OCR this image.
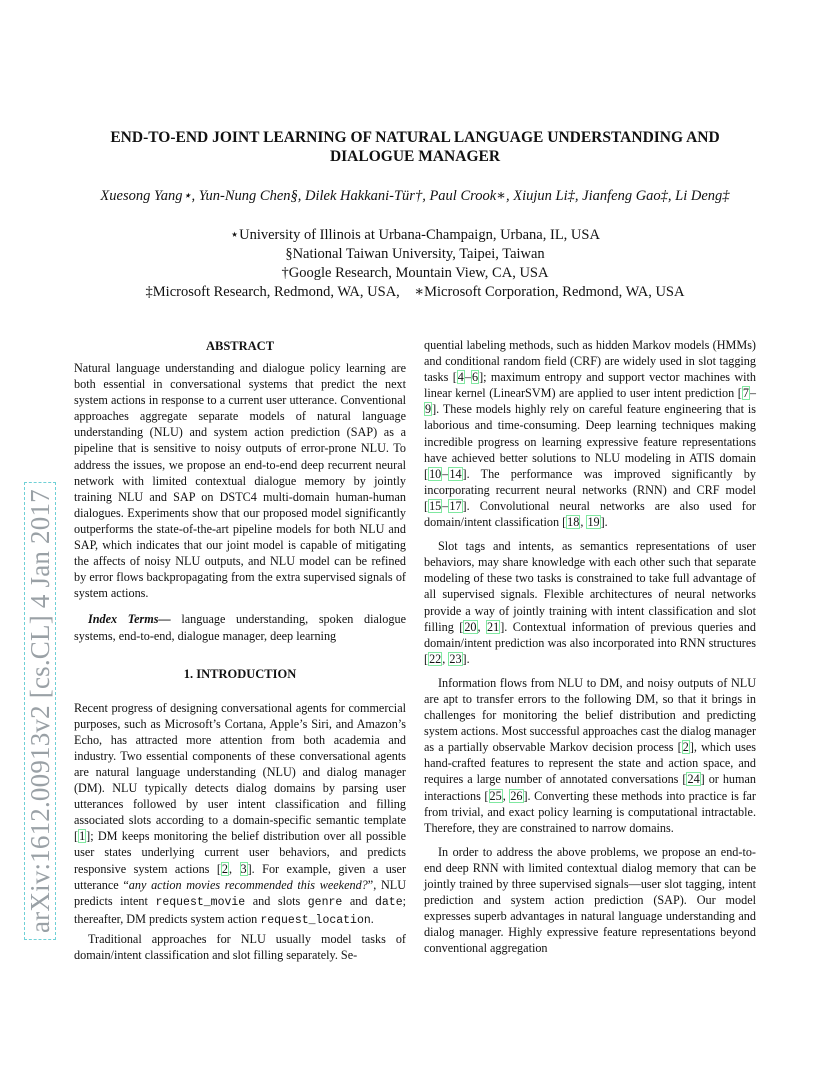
arXiv:1612.00913v2 [cs.CL] 4 Jan 2017
END-TO-END JOINT LEARNING OF NATURAL LANGUAGE UNDERSTANDING AND
DIALOGUE MANAGER
Xuesong Yang⋆, Yun-Nung Chen§, Dilek Hakkani-Tür†, Paul Crook∗, Xiujun Li‡, Jianfeng Gao‡, Li Deng‡
⋆University of Illinois at Urbana-Champaign, Urbana, IL, USA
§National Taiwan University, Taipei, Taiwan
†Google Research, Mountain View, CA, USA
‡Microsoft Research, Redmond, WA, USA,    ∗Microsoft Corporation, Redmond, WA, USA
ABSTRACT

Natural language understanding and dialogue policy learning are both essential in conversational systems that predict the next system actions in response to a current user utterance. Conventional approaches aggregate separate models of natural language understanding (NLU) and system action prediction (SAP) as a pipeline that is sensitive to noisy outputs of error-prone NLU. To address the issues, we propose an end-to-end deep recurrent neural network with limited contextual dialogue memory by jointly training NLU and SAP on DSTC4 multi-domain human-human dialogues. Experiments show that our proposed model significantly outperforms the state-of-the-art pipeline models for both NLU and SAP, which indicates that our joint model is capable of mitigating the affects of noisy NLU outputs, and NLU model can be refined by error flows backpropagating from the extra supervised signals of system actions.

Index Terms— language understanding, spoken dialogue systems, end-to-end, dialogue manager, deep learning

1. INTRODUCTION

Recent progress of designing conversational agents for commercial purposes, such as Microsoft’s Cortana, Apple’s Siri, and Amazon’s Echo, has attracted more attention from both academia and industry. Two essential components of these conversational agents are natural language understanding (NLU) and dialog manager (DM). NLU typically detects dialog domains by parsing user utterances followed by user intent classification and filling associated slots according to a domain-specific semantic template [1]; DM keeps monitoring the belief distribution over all possible user states underlying current user behaviors, and predicts responsive system actions [2, 3]. For example, given a user utterance “any action movies recommended this weekend?”, NLU predicts intent request_movie and slots genre and date; thereafter, DM predicts system action request_location.

Traditional approaches for NLU usually model tasks of domain/intent classification and slot filling separately. Se-

quential labeling methods, such as hidden Markov models (HMMs) and conditional random field (CRF) are widely used in slot tagging tasks [4–6]; maximum entropy and support vector machines with linear kernel (LinearSVM) are applied to user intent prediction [7–9]. These models highly rely on careful feature engineering that is laborious and time-consuming. Deep learning techniques making incredible progress on learning expressive feature representations have achieved better solutions to NLU modeling in ATIS domain [10–14]. The performance was improved significantly by incorporating recurrent neural networks (RNN) and CRF model [15–17]. Convolutional neural networks are also used for domain/intent classification [18, 19].

Slot tags and intents, as semantics representations of user behaviors, may share knowledge with each other such that separate modeling of these two tasks is constrained to take full advantage of all supervised signals. Flexible architectures of neural networks provide a way of jointly training with intent classification and slot filling [20, 21]. Contextual information of previous queries and domain/intent prediction was also incorporated into RNN structures [22, 23].

Information flows from NLU to DM, and noisy outputs of NLU are apt to transfer errors to the following DM, so that it brings in challenges for monitoring the belief distribution and predicting system actions. Most successful approaches cast the dialog manager as a partially observable Markov decision process [2], which uses hand-crafted features to represent the state and action space, and requires a large number of annotated conversations [24] or human interactions [25, 26]. Converting these methods into practice is far from trivial, and exact policy learning is computational intractable. Therefore, they are constrained to narrow domains.

In order to address the above problems, we propose an end-to-end deep RNN with limited contextual dialog memory that can be jointly trained by three supervised signals—user slot tagging, intent prediction and system action prediction (SAP). Our model expresses superb advantages in natural language understanding and dialog manager. Highly expressive feature representations beyond conventional aggregation
